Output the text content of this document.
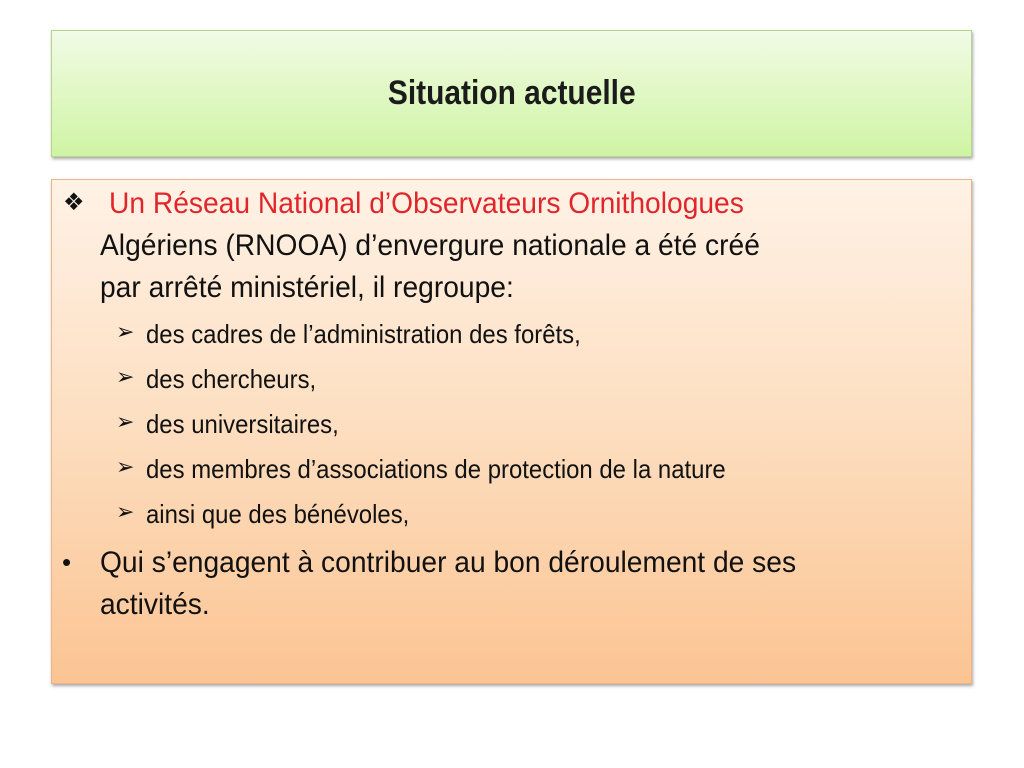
Situation actuelle
❖ Un Réseau National d’Observateurs Ornithologues
Algériens (RNOOA) d’envergure nationale a été créé
par arrêté ministériel, il regroupe:
➢ des cadres de l’administration des forêts,
➢ des chercheurs,
➢ des universitaires,
➢ des membres d’associations de protection de la nature
➢ ainsi que des bénévoles,
• Qui s’engagent à contribuer au bon déroulement de ses
activités.
